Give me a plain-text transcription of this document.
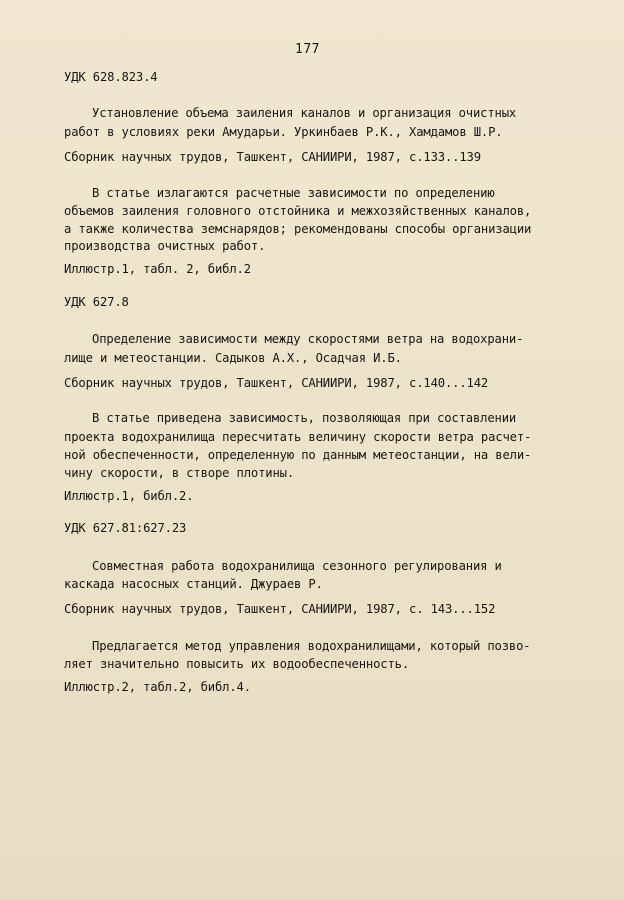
177
УДК 628.823.4
Установление объема заиления каналов и организация очистных
работ в условиях реки Амударьи. Уркинбаев Р.К., Хамдамов Ш.Р.
Сборник научных трудов, Ташкент, САНИИРИ, 1987, с.133..139
В статье излагаются расчетные зависимости по определению
объемов заиления головного отстойника и межхозяйственных каналов,
а также количества земснарядов; рекомендованы способы организации
производства очистных работ.
Иллюстр.1, табл. 2, библ.2
УДК 627.8
Определение зависимости между скоростями ветра на водохрани-
лище и метеостанции. Садыков А.Х., Осадчая И.Б.
Сборник научных трудов, Ташкент, САНИИРИ, 1987, с.140...142
В статье приведена зависимость, позволяющая при составлении
проекта водохранилища пересчитать величину скорости ветра расчет-
ной обеспеченности, определенную по данным метеостанции, на вели-
чину скорости, в створе плотины.
Иллюстр.1, библ.2.
УДК 627.81:627.23
Совместная работа водохранилища сезонного регулирования и
каскада насосных станций. Джураев Р.
Сборник научных трудов, Ташкент, САНИИРИ, 1987, с. 143...152
Предлагается метод управления водохранилищами, который позво-
ляет значительно повысить их водообеспеченность.
Иллюстр.2, табл.2, библ.4.
